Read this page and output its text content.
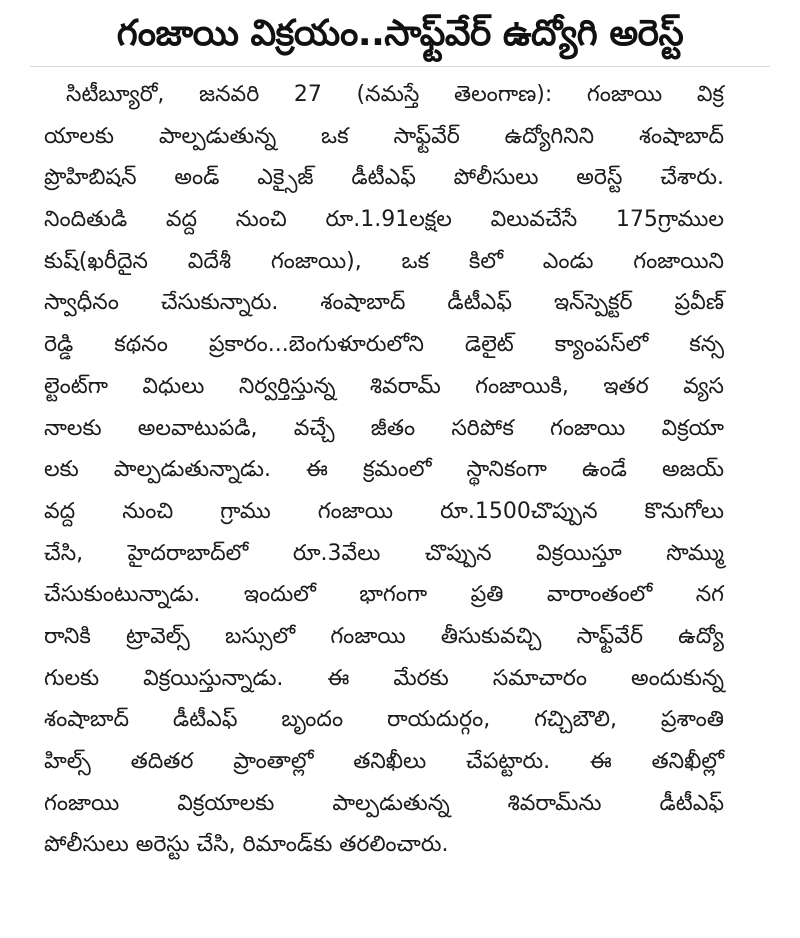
గంజాయి విక్రయం..సాఫ్ట్‌వేర్ ఉద్యోగి అరెస్ట్
సిటీబ్యూరో, జనవరి 27 (నమస్తే తెలంగాణ): గంజాయి విక్ర
యాలకు పాల్పడుతున్న ఒక సాఫ్ట్‌వేర్ ఉద్యోగినిని శంషాబాద్
ప్రొహిబిషన్ అండ్ ఎక్సైజ్ డీటీఎఫ్ పోలీసులు అరెస్ట్ చేశారు.
నిందితుడి వద్ద నుంచి రూ.1.91లక్షల విలువచేసే 175గ్రాముల
కుష్(ఖరీదైన విదేశీ గంజాయి), ఒక కిలో ఎండు గంజాయిని
స్వాధీనం చేసుకున్నారు. శంషాబాద్ డీటీఎఫ్ ఇన్‌స్పెక్టర్ ప్రవీణ్
రెడ్డి కథనం ప్రకారం...బెంగుళూరులోని డెలైట్ క్యాంపస్‌లో కన్స
ల్టెంట్‌గా విధులు నిర్వర్తిస్తున్న శివరామ్ గంజాయికి, ఇతర వ్యస
నాలకు అలవాటుపడి, వచ్చే జీతం సరిపోక గంజాయి విక్రయా
లకు పాల్పడుతున్నాడు. ఈ క్రమంలో స్థానికంగా ఉండే అజయ్
వద్ద నుంచి గ్రాము గంజాయి రూ.1500చొప్పున కొనుగోలు
చేసి, హైదరాబాద్‌లో రూ.3వేలు చొప్పున విక్రయిస్తూ సొమ్ము
చేసుకుంటున్నాడు. ఇందులో భాగంగా ప్రతి వారాంతంలో నగ
రానికి ట్రావెల్స్ బస్సులో గంజాయి తీసుకువచ్చి సాఫ్ట్‌వేర్ ఉద్యో
గులకు విక్రయిస్తున్నాడు. ఈ మేరకు సమాచారం అందుకున్న
శంషాబాద్ డీటీఎఫ్ బృందం రాయదుర్గం, గచ్చిబౌలి, ప్రశాంతి
హిల్స్ తదితర ప్రాంతాల్లో తనిఖీలు చేపట్టారు. ఈ తనిఖీల్లో
గంజాయి విక్రయాలకు పాల్పడుతున్న శివరామ్‌ను డీటీఎఫ్
పోలీసులు అరెస్టు చేసి, రిమాండ్‌కు తరలించారు.
